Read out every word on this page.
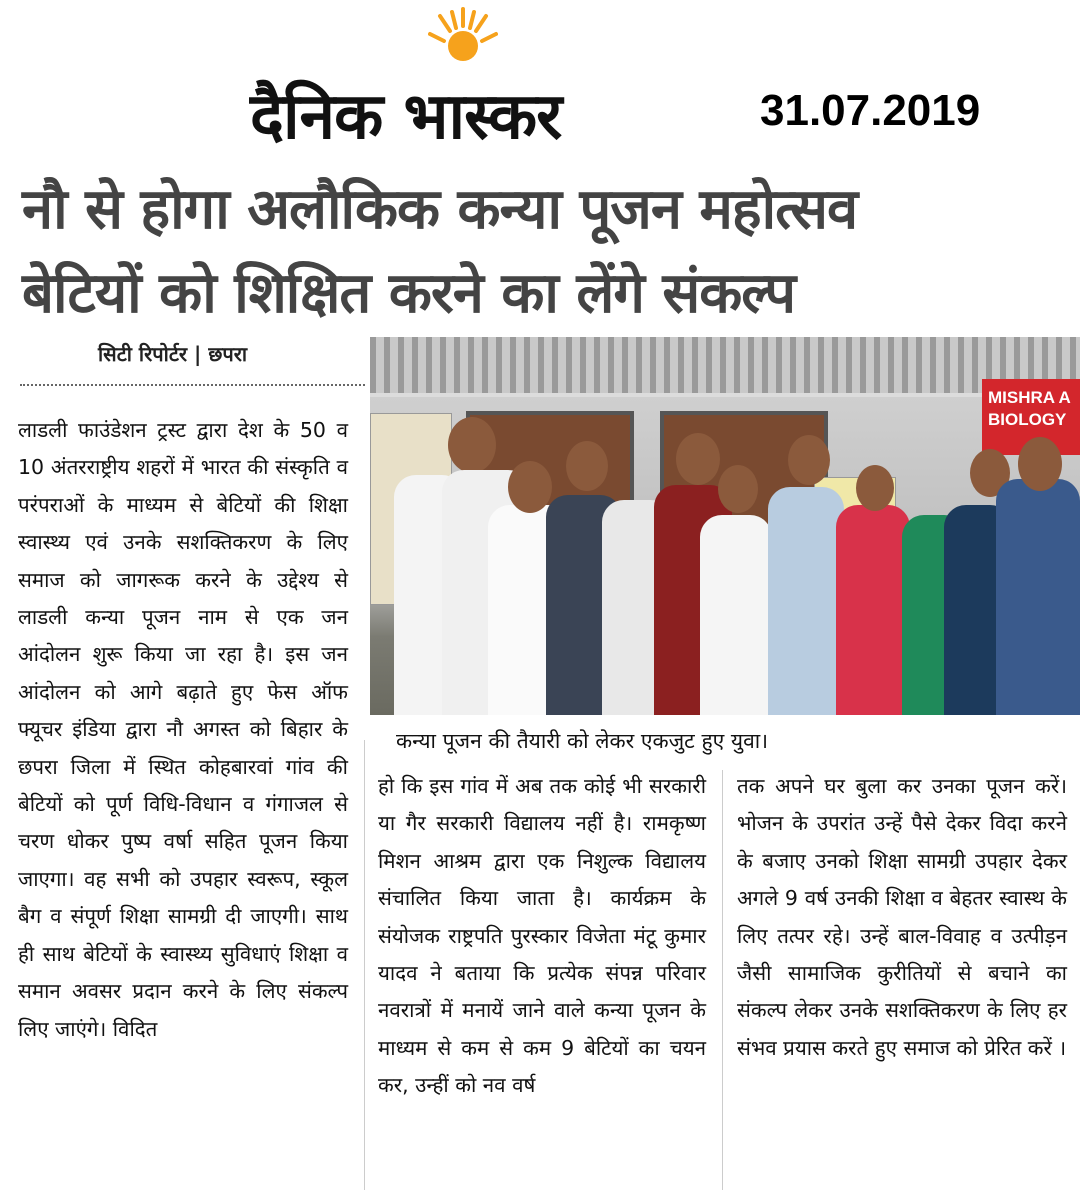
दैनिक भास्कर	31.07.2019
नौ से होगा अलौकिक कन्या पूजन महोत्सव
बेटियों को शिक्षित करने का लेंगे संकल्प
सिटी रिपोर्टर | छपरा
MISHRA A BIOLOGY
कन्या पूजन की तैयारी को लेकर एकजुट हुए युवा।
लाडली फाउंडेशन ट्रस्ट द्वारा देश के 50 व 10 अंतरराष्ट्रीय शहरों में भारत की संस्कृति व परंपराओं के माध्यम से बेटियों की शिक्षा स्वास्थ्य एवं उनके सशक्तिकरण के लिए समाज को जागरूक करने के उद्देश्य से लाडली कन्या पूजन नाम से एक जन आंदोलन शुरू किया जा रहा है। इस जन आंदोलन को आगे बढ़ाते हुए फेस ऑफ फ्यूचर इंडिया द्वारा नौ अगस्त को बिहार के छपरा जिला में स्थित कोहबारवां गांव की बेटियों को पूर्ण विधि-विधान व गंगाजल से चरण धोकर पुष्प वर्षा सहित पूजन किया जाएगा। वह सभी को उपहार स्वरूप, स्कूल बैग व संपूर्ण शिक्षा सामग्री दी जाएगी। साथ ही साथ बेटियों के स्वास्थ्य सुविधाएं शिक्षा व समान अवसर प्रदान करने के लिए संकल्प लिए जाएंगे। विदित
हो कि इस गांव में अब तक कोई भी सरकारी या गैर सरकारी विद्यालय नहीं है। रामकृष्ण मिशन आश्रम द्वारा एक निशुल्क विद्यालय संचालित किया जाता है। कार्यक्रम के संयोजक राष्ट्रपति पुरस्कार विजेता मंटू कुमार यादव ने बताया कि प्रत्येक संपन्न परिवार नवरात्रों में मनायें जाने वाले कन्या पूजन के माध्यम से कम से कम 9 बेटियों का चयन कर, उन्हीं को नव वर्ष
तक अपने घर बुला कर उनका पूजन करें। भोजन के उपरांत उन्हें पैसे देकर विदा करने के बजाए उनको शिक्षा सामग्री उपहार देकर अगले 9 वर्ष उनकी शिक्षा व बेहतर स्वास्थ के लिए तत्पर रहे। उन्हें बाल-विवाह व उत्पीड़न जैसी सामाजिक कुरीतियों से बचाने का संकल्प लेकर उनके सशक्तिकरण के लिए हर संभव प्रयास करते हुए समाज को प्रेरित करें ।
